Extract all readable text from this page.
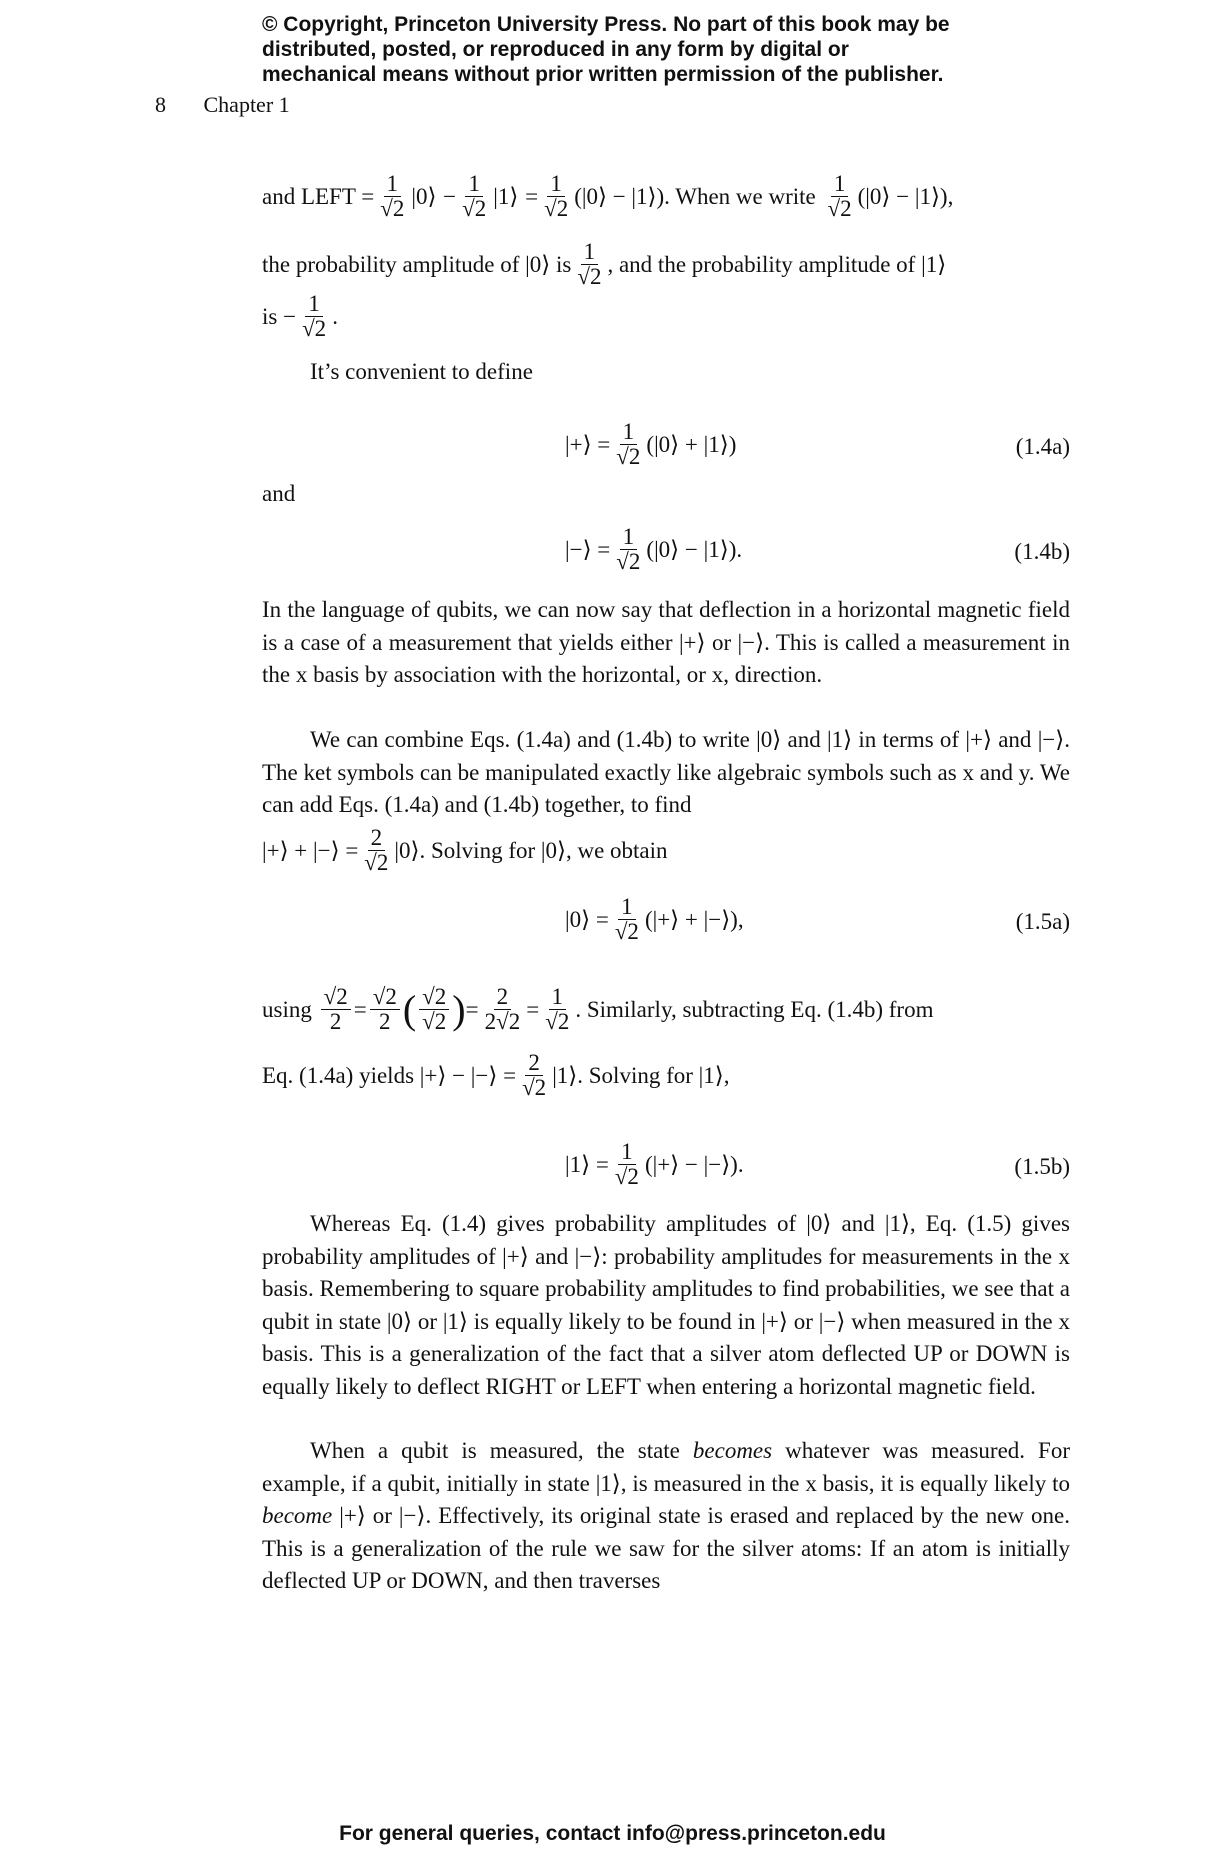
© Copyright, Princeton University Press. No part of this book may be distributed, posted, or reproduced in any form by digital or mechanical means without prior written permission of the publisher.
8 Chapter 1
and LEFT = $\frac{1}{√2}$ |0⟩ − $\frac{1}{√2}$ |1⟩ = $\frac{1}{√2}$ (|0⟩ − |1⟩) . When we write
$\frac{1}{√2}$ (|0⟩ − |1⟩) ,
the probability amplitude of
|0⟩
is $\frac{1}{√2}$ , and the probability amplitude of
|1⟩
is − $\frac{1}{√2}$ .
It’s convenient to define
|+⟩ = $\frac{1}{√2}$ (|0⟩ + |1⟩)	(1.4a)
and
|−⟩ = $\frac{1}{√2}$ (|0⟩ − |1⟩) .	(1.4b)

In the language of qubits, we can now say that deflection in a horizontal magnetic field is a case of a measurement that yields either |+⟩ or |−⟩. This is called a measurement in the x basis by association with the horizontal, or x, direction.

We can combine Eqs. (1.4a) and (1.4b) to write |0⟩ and |1⟩ in terms of |+⟩ and |−⟩. The ket symbols can be manipulated exactly like algebraic symbols such as x and y. We can add Eqs. (1.4a) and (1.4b) together, to find

|+⟩ + |−⟩ = $\frac{2}{√2}$ |0⟩ . Solving for |0⟩, we obtain
|0⟩ = $\frac{1}{√2}$ (|+⟩ + |−⟩) ,	(1.5a)
using
$\frac{√2}{2} = \frac{√2}{2}$ ( $\frac{√2}{√2}$ ) = $\frac{2}{2√2} = \frac{1}{√2}$ . Similarly, subtracting Eq. (1.4b) from
Eq. (1.4a) yields |+⟩ − |−⟩ = $\frac{2}{√2}$ |1⟩ . Solving for |1⟩,
|1⟩ = $\frac{1}{√2}$ (|+⟩ − |−⟩) .	(1.5b)

Whereas Eq. (1.4) gives probability amplitudes of |0⟩ and |1⟩, Eq. (1.5) gives probability amplitudes of |+⟩ and |−⟩: probability amplitudes for measurements in the x basis. Remembering to square probability amplitudes to find probabilities, we see that a qubit in state |0⟩ or |1⟩ is equally likely to be found in |+⟩ or |−⟩ when measured in the x basis. This is a generalization of the fact that a silver atom deflected UP or DOWN is equally likely to deflect RIGHT or LEFT when entering a horizontal magnetic field.

When a qubit is measured, the state becomes whatever was measured. For example, if a qubit, initially in state |1⟩, is measured in the x basis, it is equally likely to become |+⟩ or |−⟩. Effectively, its original state is erased and replaced by the new one. This is a generalization of the rule we saw for the silver atoms: If an atom is initially deflected UP or DOWN, and then traverses

For general queries, contact info@press.princeton.edu
